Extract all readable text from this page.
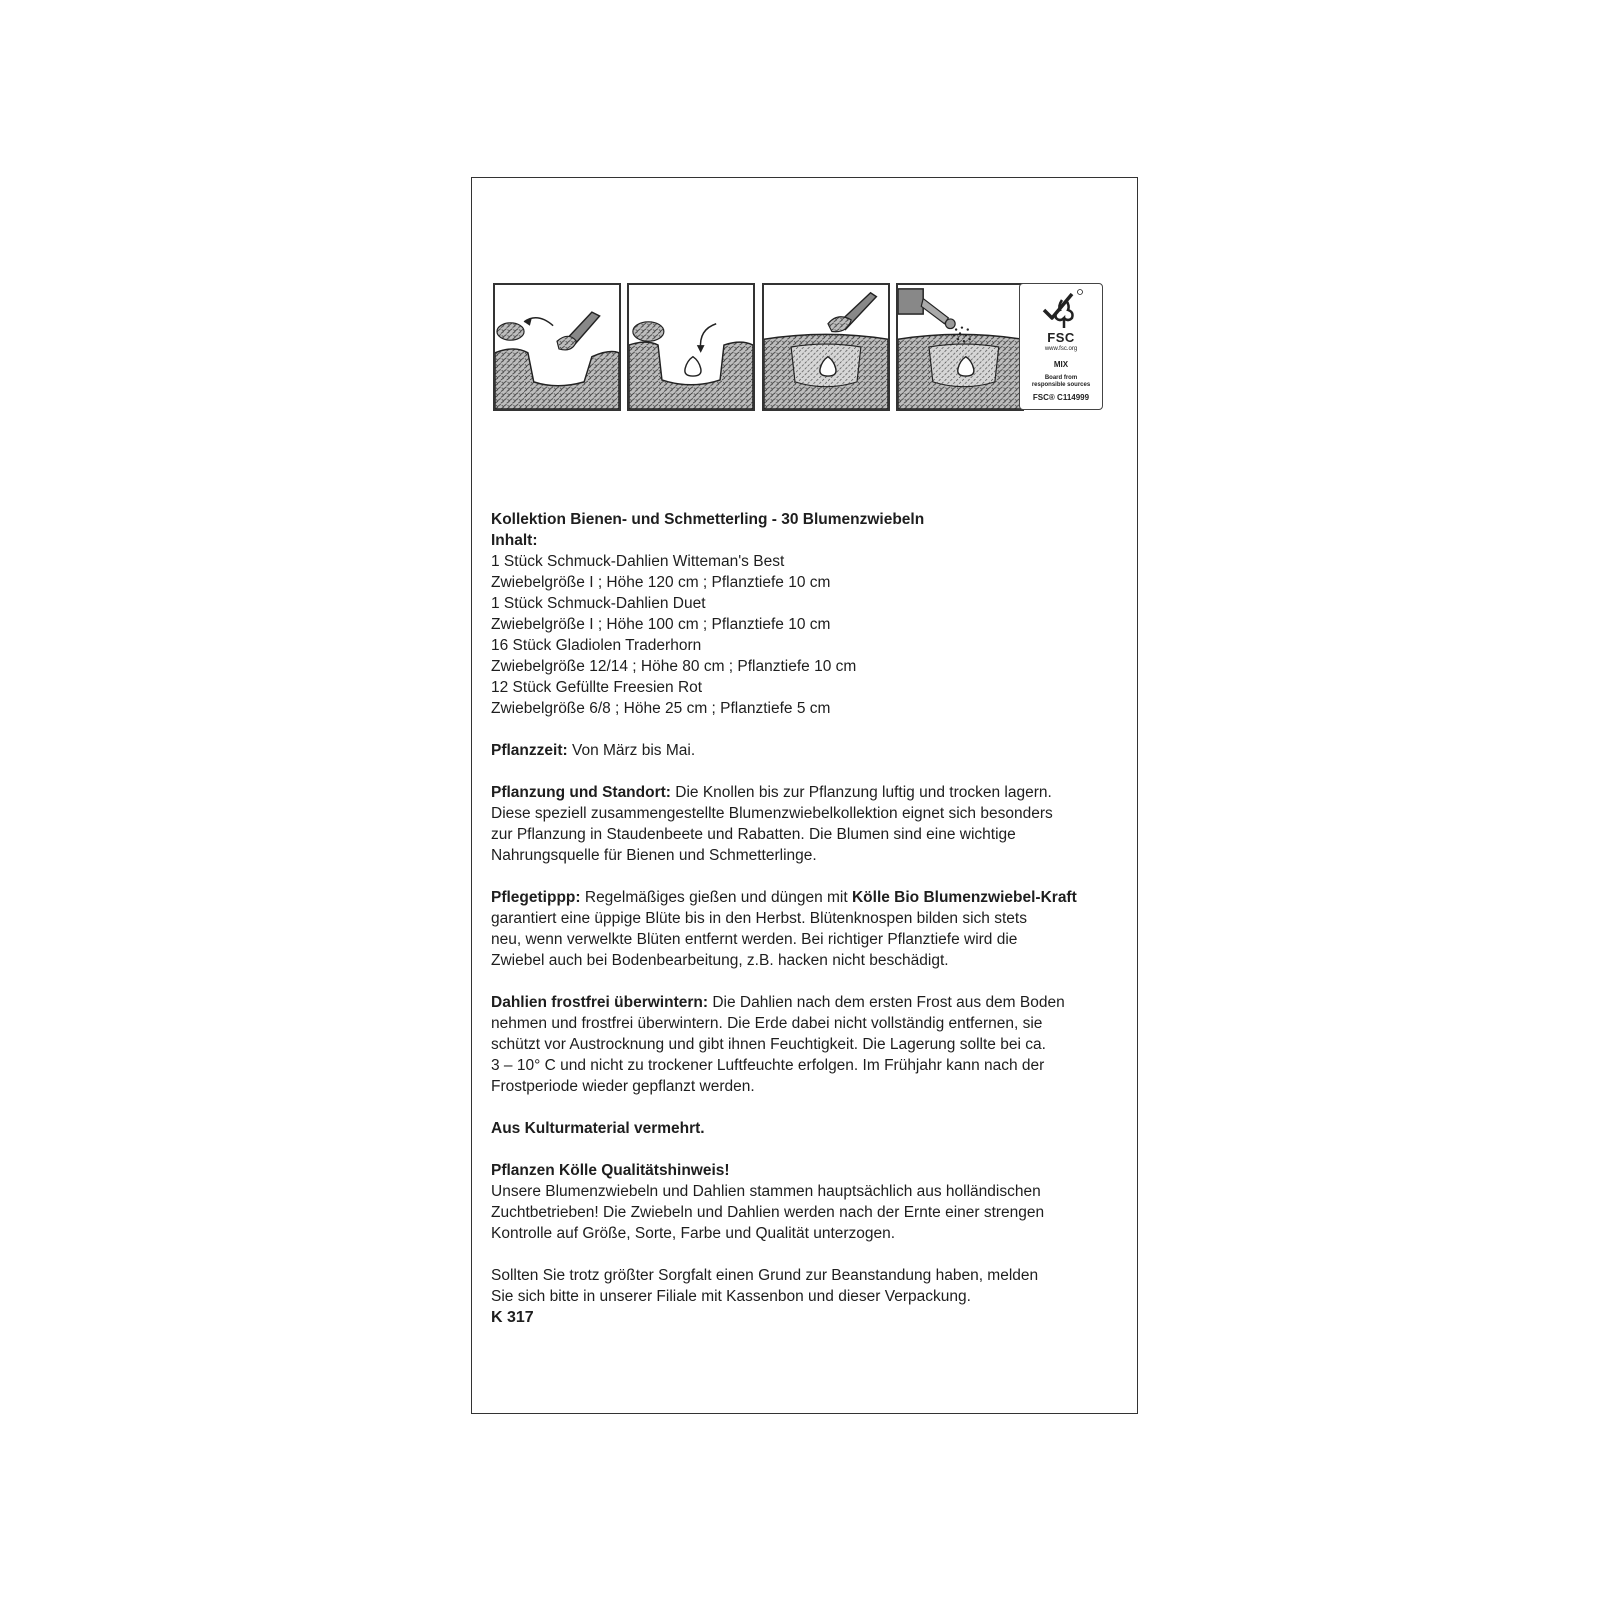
FSC
www.fsc.org
MIX
Board from
responsible sources
FSC® C114999

Kollektion Bienen- und Schmetterling - 30 Blumenzwiebeln

Inhalt:

1 Stück Schmuck-Dahlien Witteman's Best

Zwiebelgröße I ; Höhe 120 cm ; Pflanztiefe 10 cm

1 Stück Schmuck-Dahlien Duet

Zwiebelgröße I ; Höhe 100 cm ; Pflanztiefe 10 cm

16 Stück Gladiolen Traderhorn

Zwiebelgröße 12/14 ; Höhe 80 cm ; Pflanztiefe 10 cm

12 Stück Gefüllte Freesien Rot

Zwiebelgröße 6/8 ; Höhe 25 cm ; Pflanztiefe 5 cm

Pflanzzeit: Von März bis Mai.

Pflanzung und Standort: Die Knollen bis zur Pflanzung luftig und trocken lagern.

Diese speziell zusammengestellte Blumenzwiebelkollektion eignet sich besonders

zur Pflanzung in Staudenbeete und Rabatten. Die Blumen sind eine wichtige

Nahrungsquelle für Bienen und Schmetterlinge.

Pflegetippp: Regelmäßiges gießen und düngen mit Kölle Bio Blumenzwiebel-Kraft

garantiert eine üppige Blüte bis in den Herbst. Blütenknospen bilden sich stets

neu, wenn verwelkte Blüten entfernt werden. Bei richtiger Pflanztiefe wird die

Zwiebel auch bei Bodenbearbeitung, z.B. hacken nicht beschädigt.

Dahlien frostfrei überwintern: Die Dahlien nach dem ersten Frost aus dem Boden

nehmen und frostfrei überwintern. Die Erde dabei nicht vollständig entfernen, sie

schützt vor Austrocknung und gibt ihnen Feuchtigkeit. Die Lagerung sollte bei ca.

3 – 10° C und nicht zu trockener Luftfeuchte erfolgen. Im Frühjahr kann nach der

Frostperiode wieder gepflanzt werden.

Aus Kulturmaterial vermehrt.

Pflanzen Kölle Qualitätshinweis!

Unsere Blumenzwiebeln und Dahlien stammen hauptsächlich aus holländischen

Zuchtbetrieben! Die Zwiebeln und Dahlien werden nach der Ernte einer strengen

Kontrolle auf Größe, Sorte, Farbe und Qualität unterzogen.

Sollten Sie trotz größter Sorgfalt einen Grund zur Beanstandung haben, melden

Sie sich bitte in unserer Filiale mit Kassenbon und dieser Verpackung.

K 317
